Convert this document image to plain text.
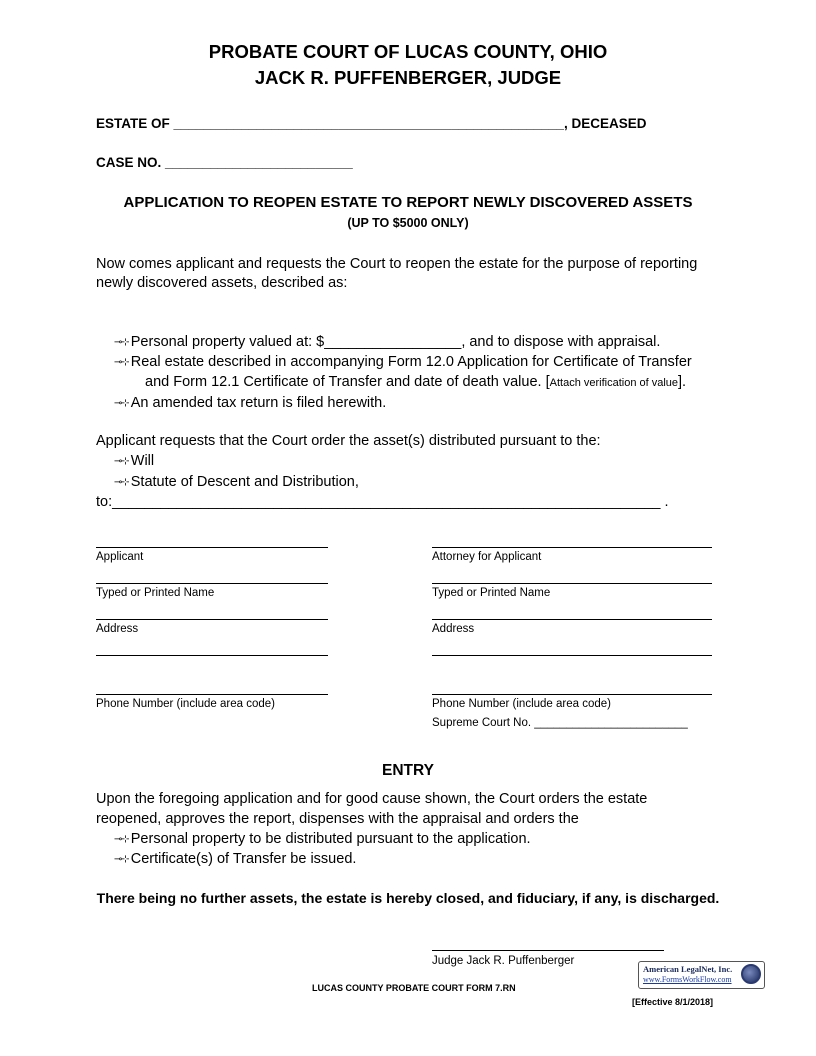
PROBATE COURT OF LUCAS COUNTY, OHIO
JACK R. PUFFENBERGER, JUDGE
ESTATE OF ____________________________________________________, DECEASED
CASE NO. _________________________
APPLICATION TO REOPEN ESTATE TO REPORT NEWLY DISCOVERED ASSETS
(UP TO $5000 ONLY)
Now comes applicant and requests the Court to reopen the estate for the purpose of reporting
newly discovered assets, described as:
⊸⊹ Personal property valued at: $_________________, and to dispose with appraisal.
⊸⊹ Real estate described in accompanying Form 12.0 Application for Certificate of Transfer
and Form 12.1 Certificate of Transfer and date of death value. [Attach verification of value].
⊸⊹ An amended tax return is filed herewith.
Applicant requests that the Court order the asset(s) distributed pursuant to the:
⊸⊹ Will
⊸⊹ Statute of Descent and Distribution,
to:____________________________________________________________________ .
Applicant
Typed or Printed Name
Address
Phone Number (include area code)
Attorney for Applicant
Typed or Printed Name
Address
Phone Number (include area code)
Supreme Court No. ________________________
ENTRY
Upon the foregoing application and for good cause shown, the Court orders the estate
reopened, approves the report, dispenses with the appraisal and orders the
⊸⊹ Personal property to be distributed pursuant to the application.
⊸⊹ Certificate(s) of Transfer be issued.
There being no further assets, the estate is hereby closed, and fiduciary, if any, is discharged.
Judge Jack R. Puffenberger
LUCAS COUNTY PROBATE COURT FORM 7.RN
[Effective 8/1/2018]
American LegalNet, Inc.
www.FormsWorkFlow.com
